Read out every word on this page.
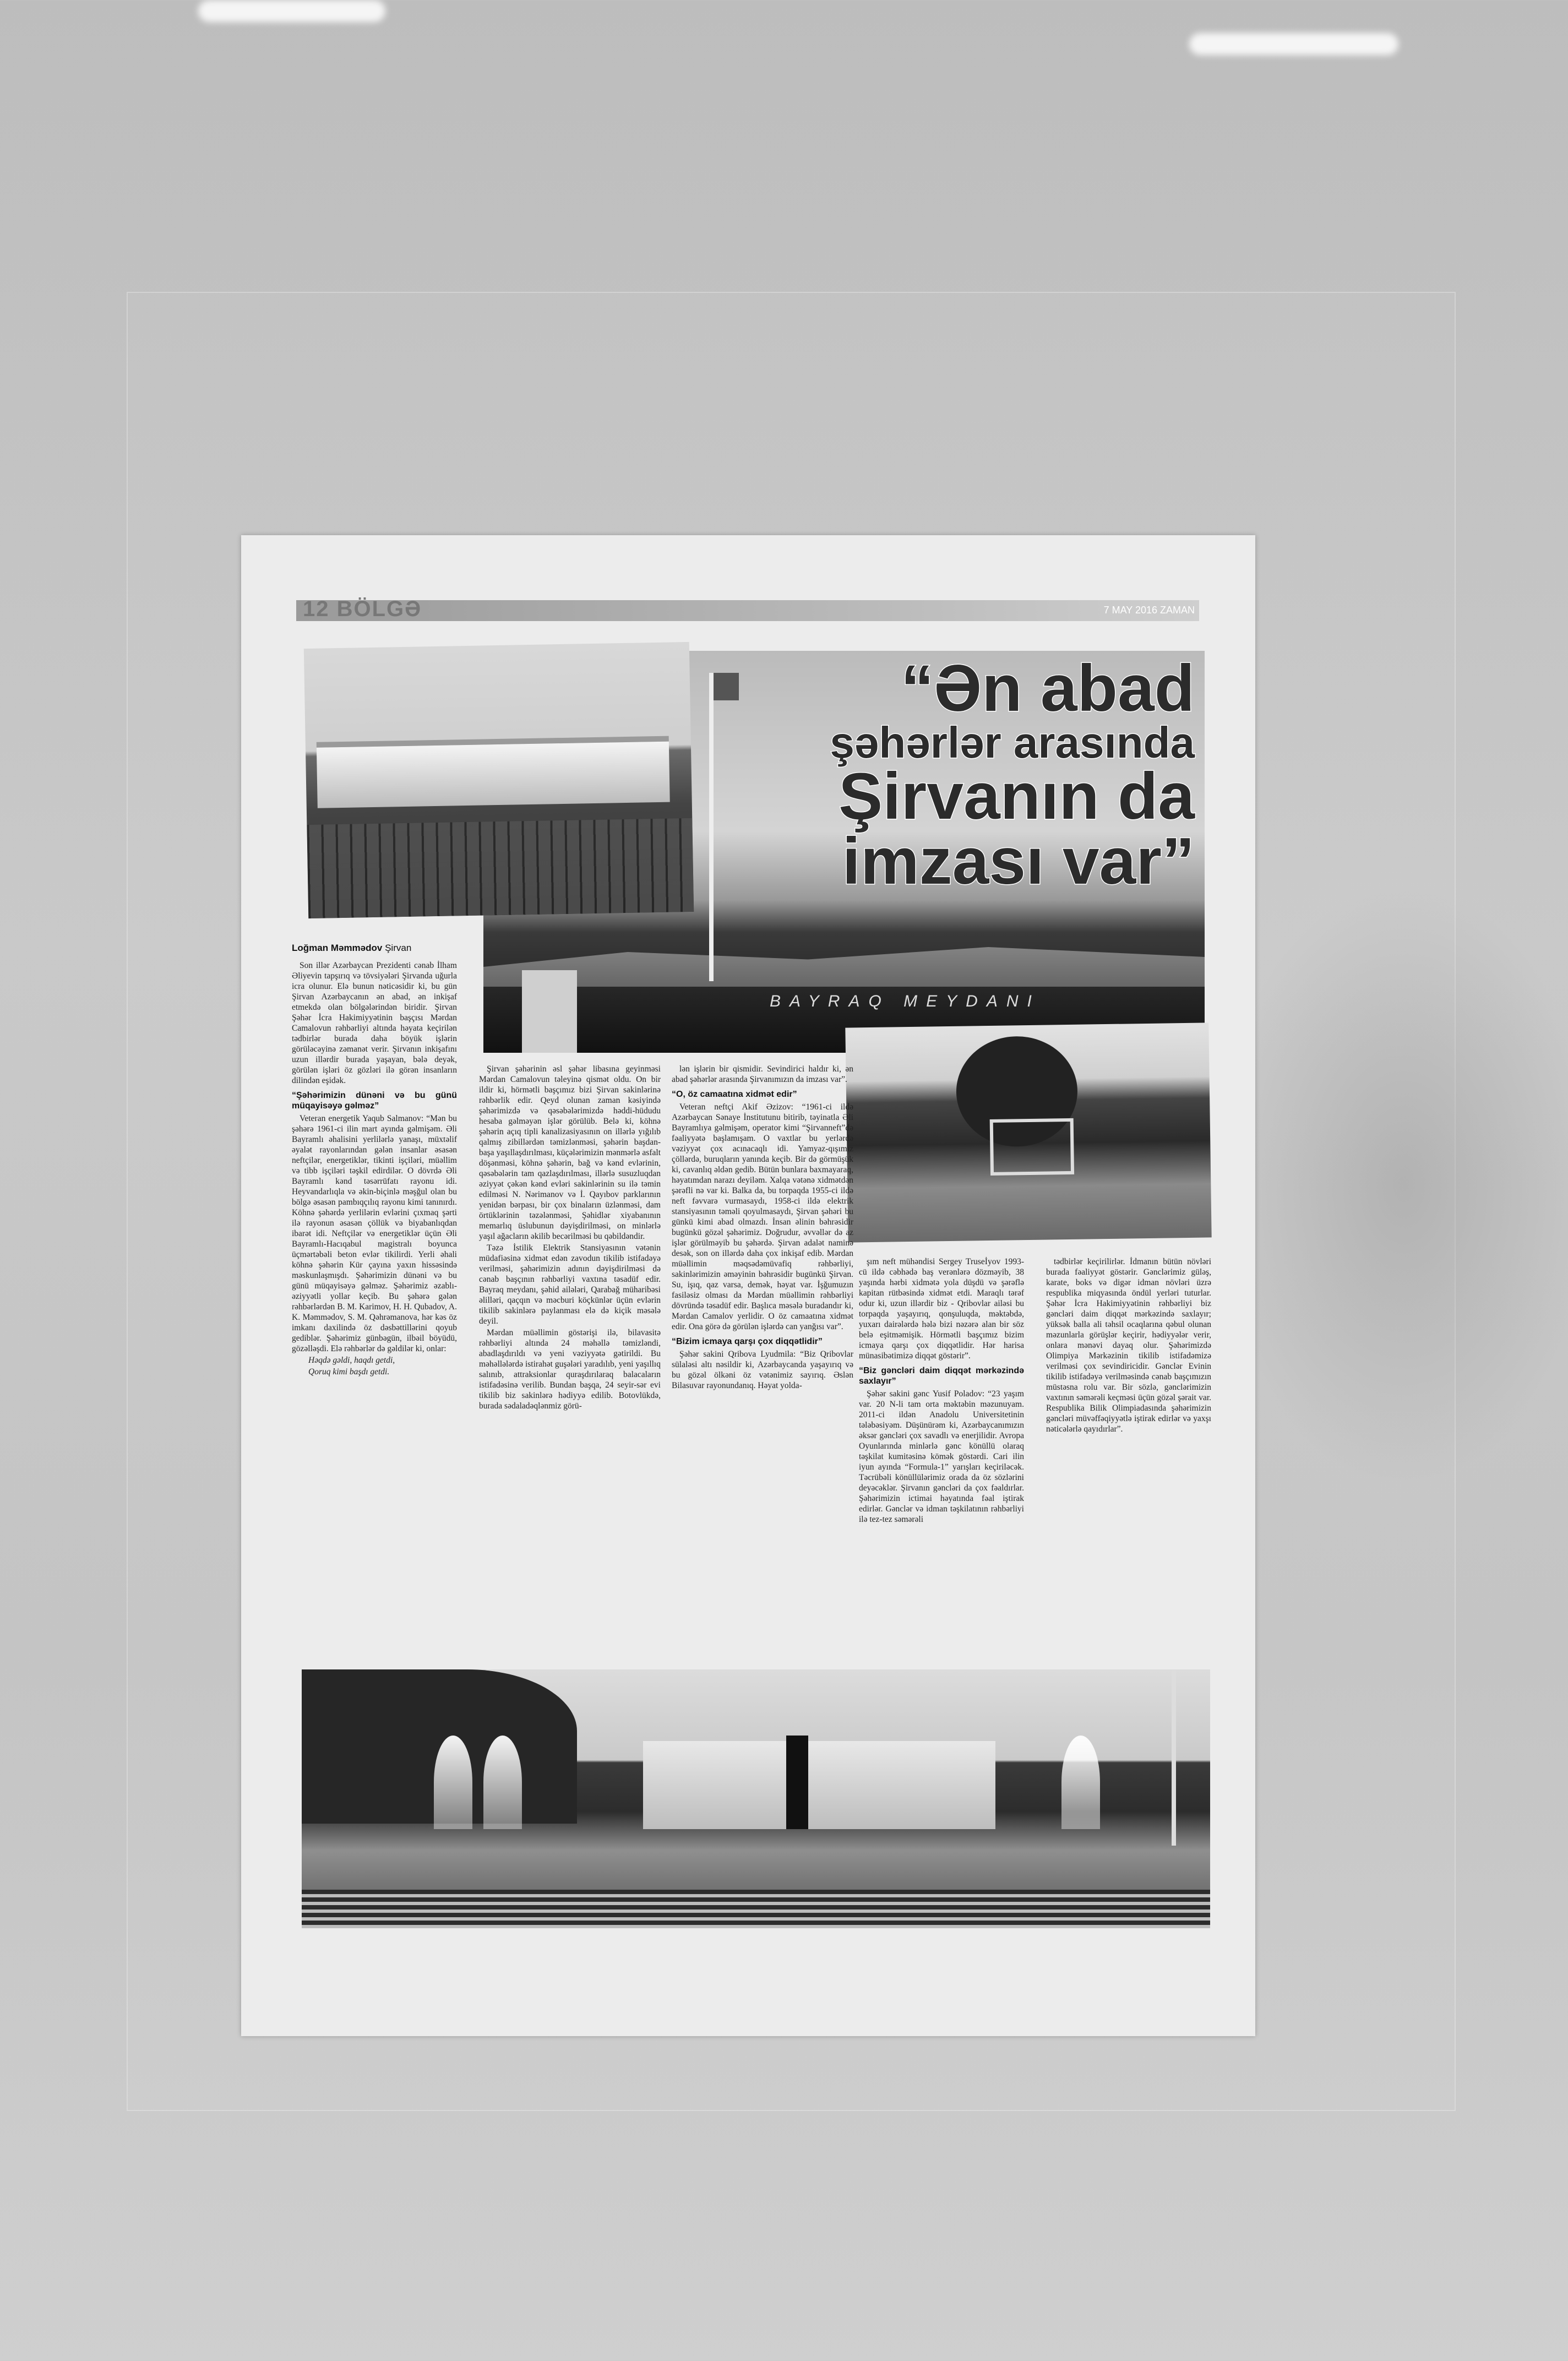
12 BÖLGƏ	7 MAY 2016 ZAMAN
BAYRAQ MEYDANI
“Ən abad
şəhərlər arasında
Şirvanın da
imzası var”
Loğman Məmmədov Şirvan

Son illər Azərbaycan Prezidenti cənab İlham Əliyevin tapşırıq və tövsiyələri Şirvanda uğurla icra olunur. Elə bunun nəticəsidir ki, bu gün Şirvan Azərbaycanın ən abad, ən inkişaf etmekdə olan bölgələrindən biridir. Şirvan Şəhər İcra Hakimiyyətinin başçısı Mərdan Camalovun rəhbərliyi altında həyata keçirilən tədbirlər burada daha böyük işlərin görüləcəyinə zəmanət verir. Şirvanın inkişafını uzun illərdir burada yaşayan, bələ deyək, görülən işləri öz gözləri ilə görən insanların dilindən eşidək.

“Şəhərimizin dünəni və bu günü müqayisəyə gəlməz”

Veteran energetik Yaqub Salmanov: “Mən bu şəhərə 1961-ci ilin mart ayında gəlmişəm. Əli Bayramlı əhalisini yerlilərlə yanaşı, müxtəlif əyalət rayonlarından gələn insanlar əsasən neftçilər, energetiklər, tikinti işçiləri, müəllim və tibb işçiləri təşkil edirdilər. O dövrdə Əli Bayramlı kənd təsərrüfatı rayonu idi. Heyvandarlıqla və əkin-biçinlə məşğul olan bu bölgə əsasən pambıqçılıq rayonu kimi tanınırdı. Köhnə şəhərdə yerlilərin evlərini çıxmaq şərti ilə rayonun əsasən çöllük və biyabanlıqdan ibarət idi. Neftçilər və energetiklər üçün Əli Bayramlı-Hacıqabul magistralı boyunca üçmərtəbəli beton evlər tikilirdi. Yerli əhali köhnə şəhərin Kür çayına yaxın hissəsində məskunlaşmışdı. Şəhərimizin dünəni və bu günü müqayisəyə gəlməz. Şəhərimiz əzablı-əziyyətli yollar keçib. Bu şəhərə gələn rəhbərlərdən B. M. Karimov, H. H. Qubadov, A. K. Məmmədov, S. M. Qəhrəmanova, hər kəs öz imkanı daxilində öz dəsbəttillərini qoyub gediblər. Şəhərimiz günbəgün, ilbəil böyüdü, gözəlləşdi. Elə rəhbərlər də gəldilər ki, onlar:

Həqdə gəldi, haqdı getdi,

Qoruq kimi başdı getdi.

Şirvan şəhərinin əsl şəhər libasına geyinməsi Mərdan Camalovun təleyinə qismət oldu. On bir ildir ki, hörmətli başçımız bizi Şirvan sakinlərinə rəhbərlik edir. Qeyd olunan zaman kəsiyində şəhərimizdə və qəsəbələrimizdə həddi-hüdudu hesaba gəlməyən işlər görülüb. Belə ki, köhnə şəhərin açıq tipli kanalizasiyasının on illərlə yığılıb qalmış zibillərdən təmizlənməsi, şəhərin başdan-başa yaşıllaşdırılması, küçələrimizin mənmərlə asfalt döşənməsi, köhnə şəhərin, bağ və kənd evlərinin, qəsəbələrin tam qazlaşdırılması, illərlə susuzluqdan əziyyət çəkən kənd evləri sakinlərinin su ilə təmin edilməsi N. Nərimanov və İ. Qayıbov parklarının yenidən bərpası, bir çox binaların üzlənməsi, dam örtüklərinin təzələnməsi, Şəhidlər xiyabanının memarlıq üslubunun dəyişdirilməsi, on minlərlə yaşıl ağacların əkilib becərilməsi bu qəbildəndir.

Təzə İstilik Elektrik Stansiyasının vətənin müdafiəsinə xidmət edən zavodun tikilib istifadəyə verilməsi, şəhərimizin adının dəyişdirilməsi də cənab başçının rəhbərliyi vaxtına təsadüf edir. Bayraq meydanı, şəhid ailələri, Qarabağ müharibəsi əlilləri, qaçqın və məcburi köçkünlər üçün evlərin tikilib sakinlərə paylanması elə də kiçik məsələ deyil.

Mərdan müəllimin göstərişi ilə, bilavasitə rəhbərliyi altında 24 məhəllə təmizləndi, abadlaşdırıldı və yeni vəziyyətə gətirildi. Bu məhəllələrdə istirahət guşələri yaradılıb, yeni yaşıllıq salınıb, attraksionlar quraşdırılaraq balacaların istifadəsinə verilib. Bundan başqa, 24 seyir-sər evi tikilib biz sakinlərə hədiyyə edilib. Botovlükdə, burada sədaladəqlənmiz görü-

lən işlərin bir qismidir. Sevindirici haldır ki, ən abad şəhərlər arasında Şirvanımızın da imzası var”.

“O, öz camaatına xidmət edir”

Veteran neftçi Akif Əzizov: “1961-ci ildə Azərbaycan Sənaye İnstitutunu bitirib, təyinatla Əli Bayramlıya gəlmişəm, operator kimi “Şirvanneft”də fəaliyyətə başlamışam. O vaxtlar bu yerlərdə vəziyyət çox acınacaqlı idi. Yamyaz-qışımız çöllərdə, buruqların yanında keçib. Bir də görmüşük ki, cavanlıq əldən gedib. Bütün bunlara baxmayaraq, həyatımdan narazı deyiləm. Xalqa vətənə xidmətdən şərəfli nə var ki. Balka da, bu torpaqda 1955-ci ildə neft fəvvarə vurmasaydı, 1958-ci ildə elektrik stansiyasının təməli qoyulmasaydı, Şirvan şəhəri bu günkü kimi abad olmazdı. İnsan əlinin bəhrəsidir bugünkü gözəl şəhərimiz. Doğrudur, əvvəllər də az işlər görülməyib bu şəhərdə. Şirvan adalət naminə desək, son on illərdə daha çox inkişaf edib. Mərdan müəllimin məqsədəmüvafiq rəhbərliyi, sakinlərimizin əməyinin bəhrəsidir bugünkü Şirvan. Su, işıq, qaz varsa, demək, həyat var. İşğumuzın fasiləsiz olması da Mərdan müəllimin rəhbərliyi dövründə təsadüf edir. Başlıca məsələ buradandır ki, Mərdan Camalov yerlidir. O öz camaatına xidmət edir. Ona görə də görülən işlərdə can yanğısı var”.

“Bizim icmaya qarşı çox diqqətlidir”

Şəhər sakini Qribova Lyudmila: “Biz Qribovlar sülaləsi altı nəsildir ki, Azərbaycanda yaşayırıq və bu gözəl ölkəni öz vətənimiz sayırıq. Əslən Bilasuvar rayonundanıq. Həyat yolda-

şım neft mühəndisi Sergey Truseİyov 1993-cü ildə cəbhədə baş verənlərə dözməyib, 38 yaşında hərbi xidmətə yola düşdü və şərəflə kapitan rütbəsində xidmət etdi. Maraqlı tərəf odur ki, uzun illərdir biz - Qribovlar ailəsi bu torpaqda yaşayırıq, qonşuluqda, məktəbdə, yuxarı dairələrdə hələ bizi nəzərə alan bir söz belə eşitməmişik. Hörmətli başçımız bizim icmaya qarşı çox diqqətlidir. Hər harisa münasibətimizə diqqət göstərir”.

“Biz gəncləri daim diqqət mərkəzində saxlayır”

Şəhər sakini gənc Yusif Poladov: “23 yaşım var. 20 N-li tam orta məktəbin məzunuyam. 2011-ci ildən Anadolu Universitetinin tələbəsiyəm. Düşünürəm ki, Azərbaycanımızın əksər gəncləri çox savadlı və enerjilidir. Avropa Oyunlarında minlərlə gənc könüllü olaraq təşkilat kumitəsinə kömək göstərdi. Cari ilin iyun ayında “Formula-1” yarışları keçiriləcək. Təcrübəli könüllülərimiz orada da öz sözlərini deyəcəklər. Şirvanın gəncləri da çox fəaldırlar. Şəhərimizin ictimai həyatında fəal iştirak edirlər. Gənclər və idman təşkilatının rəhbərliyi ilə tez-tez səmərəli

tədbirlər keçirilirlər. İdmanın bütün növləri burada fəaliyyət göstərir. Gənclərimiz güləş, karate, boks və digər idman növləri üzrə respublika miqyasında öndül yerləri tuturlar. Şəhər İcra Hakimiyyətinin rəhbərliyi biz gəncləri daim diqqət mərkəzində saxlayır; yüksək balla ali təhsil ocaqlarına qəbul olunan məzunlarla görüşlər keçirir, hədiyyələr verir, onlara mənəvi dayaq olur. Şəhərimizdə Olimpiya Mərkəzinin tikilib istifadəmizə verilməsi çox sevindiricidir. Gənclər Evinin tikilib istifadəyə verilməsində cənab başçımızın müstəsna rolu var. Bir sözlə, gənclərimizin vaxtının səmərəli keçməsi üçün gözəl şərait var. Respublika Bilik Olimpiadasında şəhərimizin gəncləri müvəffəqiyyətlə iştirak edirlər və yaxşı nəticələrlə qayıdırlar”.
